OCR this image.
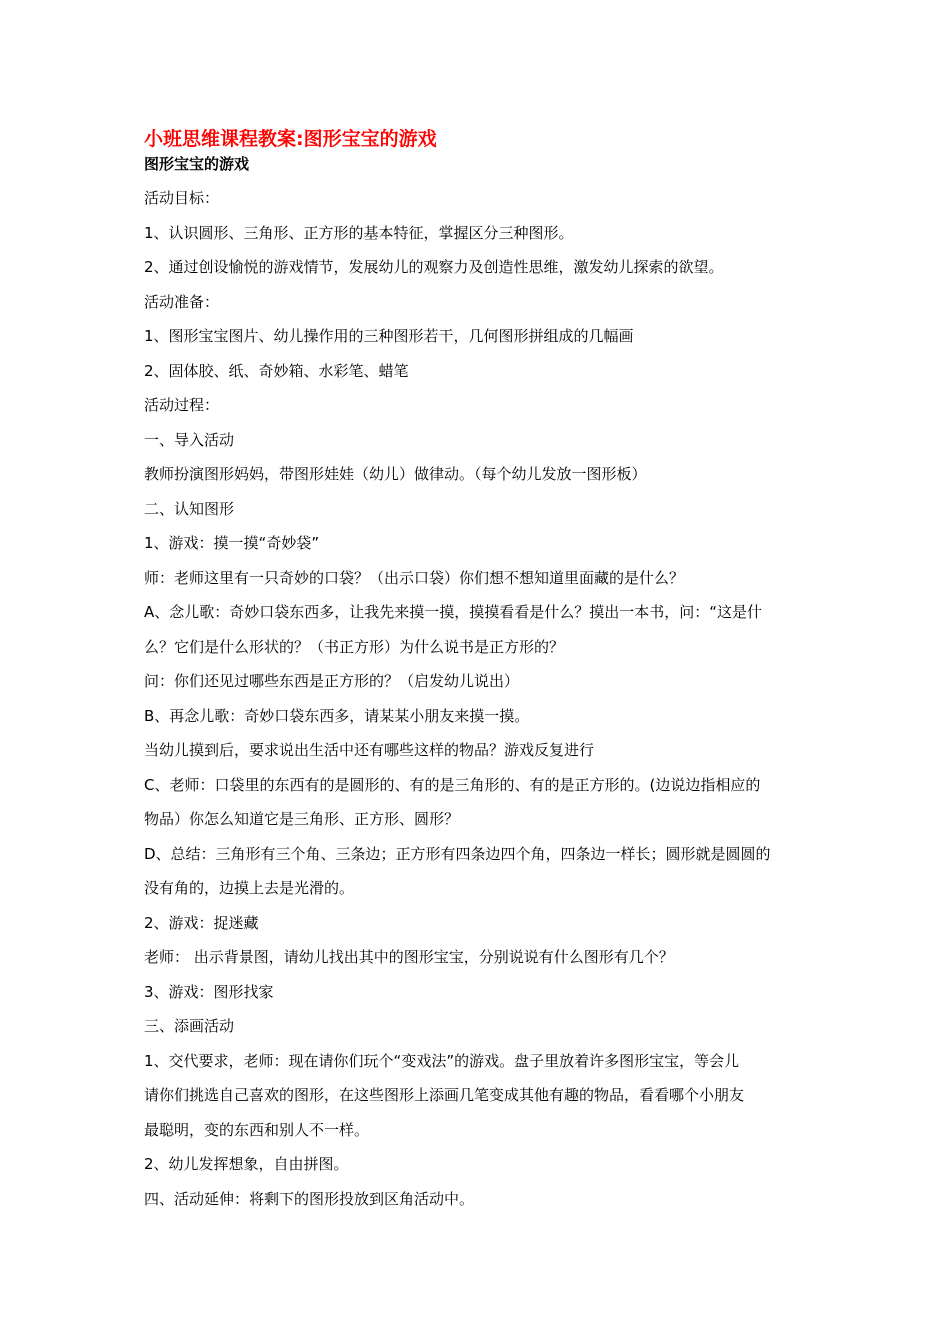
小班思维课程教案:图形宝宝的游戏
图形宝宝的游戏

活动目标：

1、认识圆形、三角形、正方形的基本特征，掌握区分三种图形。

2、通过创设愉悦的游戏情节，发展幼儿的观察力及创造性思维，激发幼儿探索的欲望。

活动准备：

1、图形宝宝图片、幼儿操作用的三种图形若干，几何图形拼组成的几幅画

2、固体胶、纸、奇妙箱、水彩笔、蜡笔

活动过程：

一、导入活动

教师扮演图形妈妈，带图形娃娃（幼儿）做律动。（每个幼儿发放一图形板）

二、认知图形

1、游戏：摸一摸“奇妙袋”

师：老师这里有一只奇妙的口袋？（出示口袋）你们想不想知道里面藏的是什么？

A、念儿歌：奇妙口袋东西多，让我先来摸一摸，摸摸看看是什么？摸出一本书，问：“这是什

么？它们是什么形状的？（书正方形）为什么说书是正方形的？

问：你们还见过哪些东西是正方形的？（启发幼儿说出）

B、再念儿歌：奇妙口袋东西多，请某某小朋友来摸一摸。

当幼儿摸到后，要求说出生活中还有哪些这样的物品？游戏反复进行

C、老师：口袋里的东西有的是圆形的、有的是三角形的、有的是正方形的。(边说边指相应的

物品）你怎么知道它是三角形、正方形、圆形？

D、总结：三角形有三个角、三条边；正方形有四条边四个角，四条边一样长；圆形就是圆圆的

没有角的，边摸上去是光滑的。

2、游戏：捉迷藏

老师： 出示背景图，请幼儿找出其中的图形宝宝，分别说说有什么图形有几个？

3、游戏：图形找家

三、添画活动

1、交代要求，老师：现在请你们玩个“变戏法”的游戏。盘子里放着许多图形宝宝，等会儿

请你们挑选自己喜欢的图形，在这些图形上添画几笔变成其他有趣的物品，看看哪个小朋友

最聪明，变的东西和别人不一样。

2、幼儿发挥想象，自由拼图。

四、活动延伸：将剩下的图形投放到区角活动中。
